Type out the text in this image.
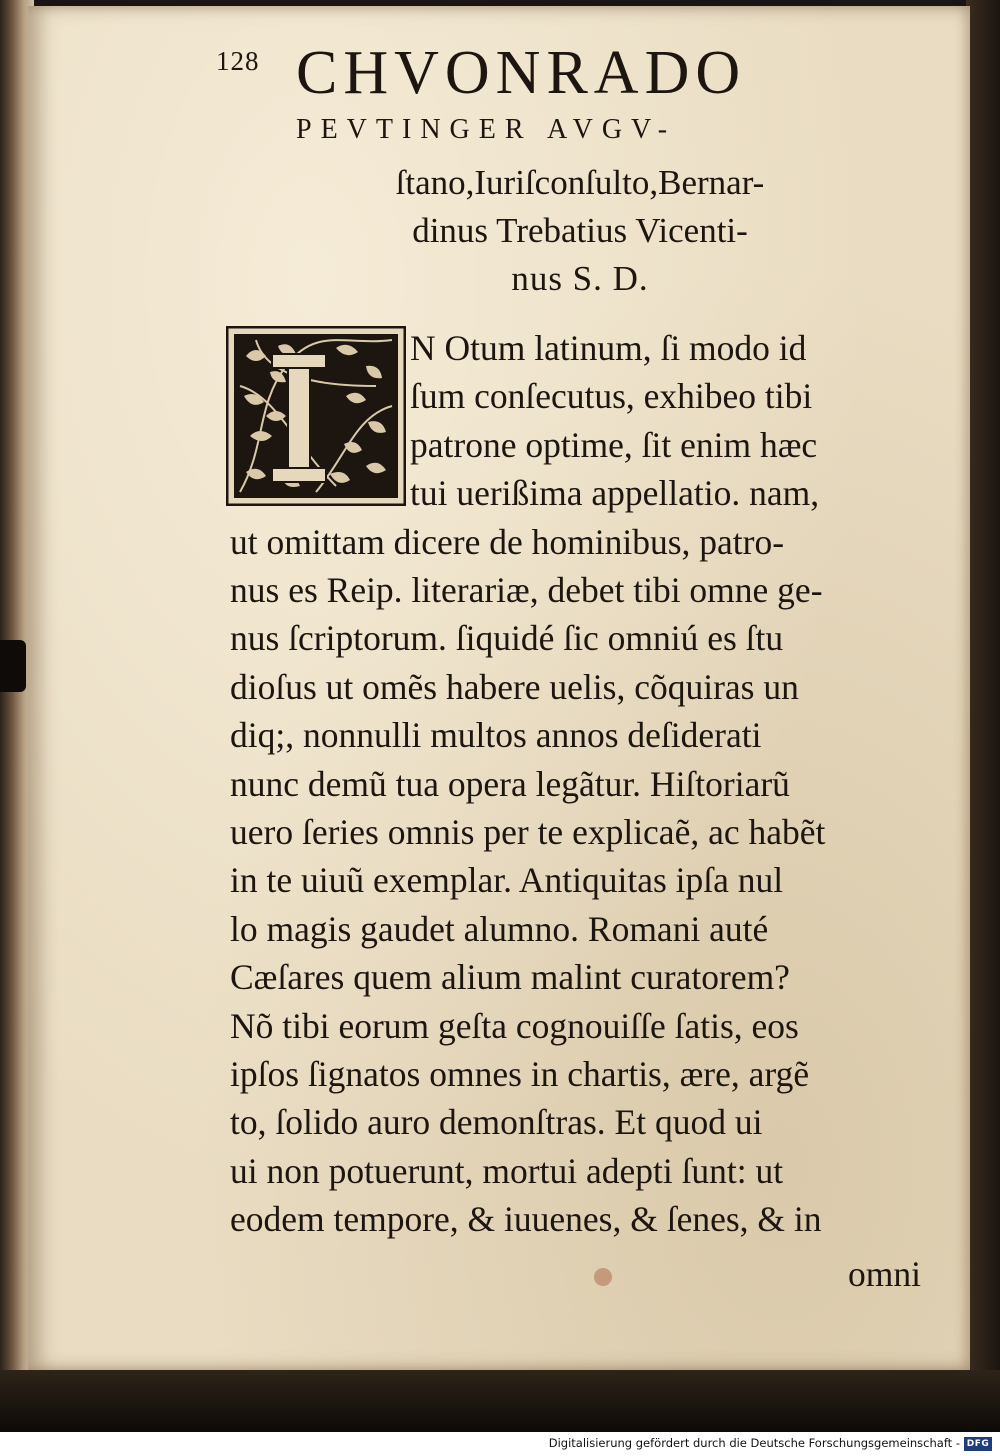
128 CHVONRADO
PEVTINGER AVGV-
ſtano,Iuriſconſulto,Bernar-
dinus Trebatius Vicenti-
nus S. D.
N Otum latinum, ſi modo id
ſum conſecutus, exhibeo tibi
patrone optime, ſit enim hæc
tui uerißima appellatio. nam,
ut omittam dicere de hominibus, patro-
nus es Reip. literariæ, debet tibi omne ge-
nus ſcriptorum. ſiquidé ſic omniú es ſtu
dioſus ut omẽs habere uelis, cõquiras un
diq;, nonnulli multos annos deſiderati
nunc demũ tua opera legãtur. Hiſtoriarũ
uero ſeries omnis per te explicaẽ, ac habẽt
in te uiuũ exemplar. Antiquitas ipſa nul
lo magis gaudet alumno. Romani auté
Cæſares quem alium malint curatorem?
Nõ tibi eorum geſta cognouiſſe ſatis, eos
ipſos ſignatos omnes in chartis, ære, argẽ
to, ſolido auro demonſtras. Et quod ui
ui non potuerunt, mortui adepti ſunt: ut
eodem tempore, & iuuenes, & ſenes, & in
omni
Digitalisierung gefördert durch die Deutsche Forschungsgemeinschaft - DFG
